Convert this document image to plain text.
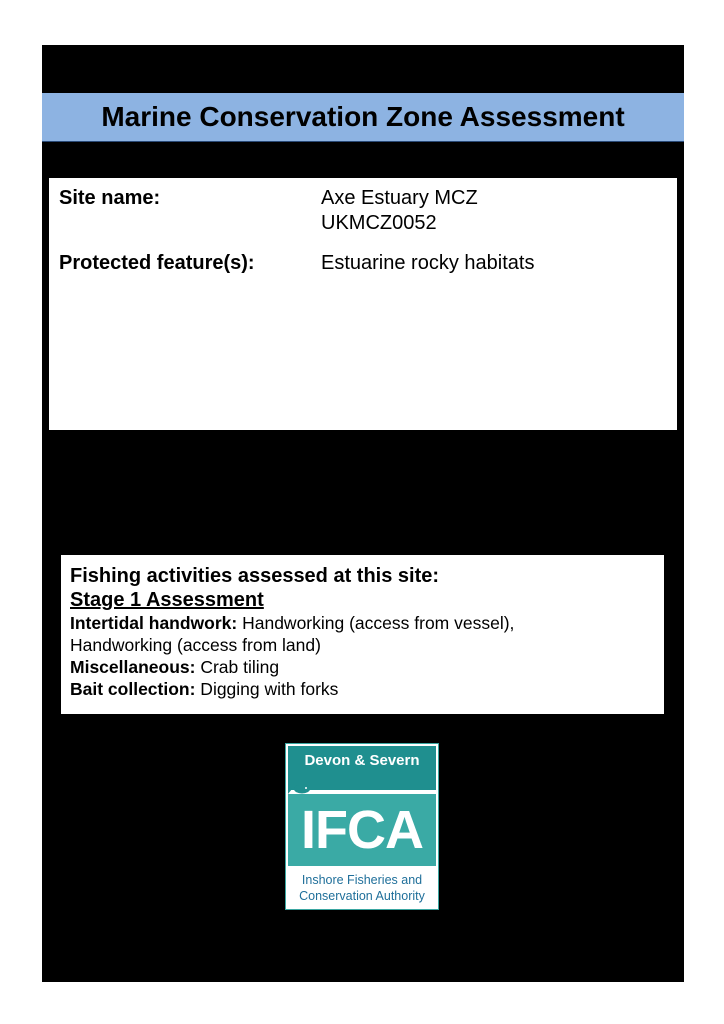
Marine Conservation Zone Assessment
Site name:	Axe Estuary MCZ
UKMCZ0052
Protected feature(s):	Estuarine rocky habitats
Fishing activities assessed at this site:
Stage 1 Assessment

Intertidal handwork: Handworking (access from vessel),
Handworking (access from land)

Miscellaneous: Crab tiling

Bait collection: Digging with forks

Devon & Severn
IFCA
Inshore Fisheries and
Conservation Authority
